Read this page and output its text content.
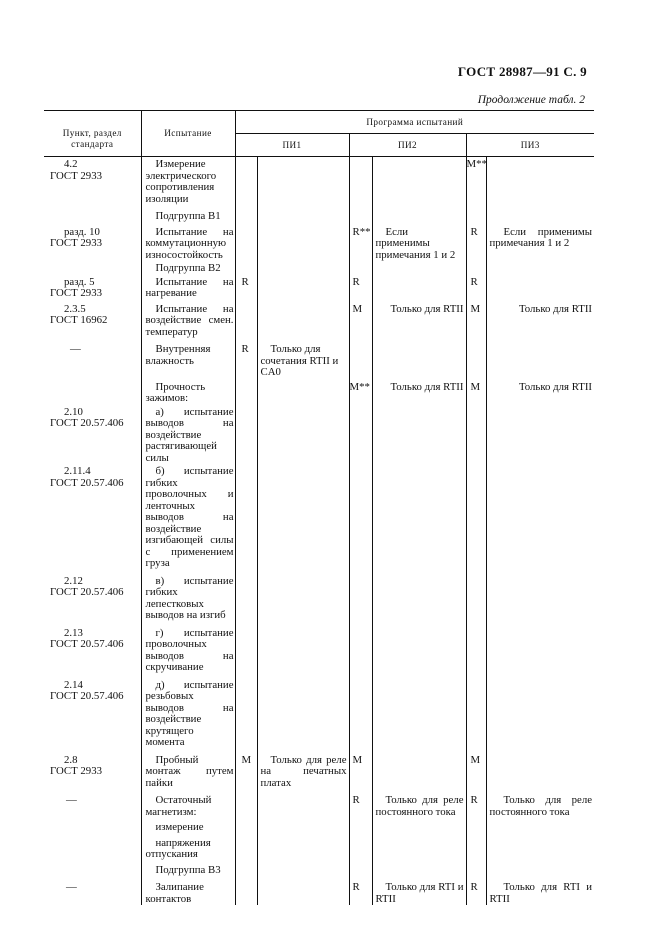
ГОСТ 28987—91 С. 9
Продолжение табл. 2
Пункт, раздел
стандарта	Испытание	Программа испытаний					
		ПИ1		ПИ2		ПИ3	
4.2
ГОСТ 2933	Измерение электрического сопротивления изоляции					M**	

	Подгруппа В1						

разд. 10
ГОСТ 2933	Испытание на коммутационную износостойкость			R**	Если применимы примечания 1 и 2	R	Если применимы примечания 1 и 2

	Подгруппа В2						

разд. 5
ГОСТ 2933	Испытание на нагревание	R		R		R	
2.3.5
ГОСТ 16962	Испытание на воздействие смен. температур			M	Только для RTII	M	Только для RTII

—	Внутренняя влажность	R	Только для сочетания RTII и CA0				

	Прочность зажимов:			M**	Только для RTII	M	Только для RTII
2.10
ГОСТ 20.57.406	а) испытание выводов на воздействие растягивающей силы						

2.11.4
ГОСТ 20.57.406	б) испытание гибких проволочных и ленточных выводов на воздействие изгибающей силы с применением груза						

2.12
ГОСТ 20.57.406	в) испытание гибких лепестковых выводов на изгиб						

2.13
ГОСТ 20.57.406	г) испытание проволочных выводов на скручивание						

2.14
ГОСТ 20.57.406	д) испытание резьбовых выводов на воздействие крутящего момента						

2.8
ГОСТ 2933	Пробный монтаж путем пайки	M	Только для реле на печатных платах	M		M	

—	Остаточный магнетизм:			R	Только для реле постоянного тока	R	Только для реле постоянного тока

	измерение						

	напряжения отпускания						

	Подгруппа В3						

—	Залипание контактов			R	Только для RTI и RTII	R	Только для RTI и RTII
